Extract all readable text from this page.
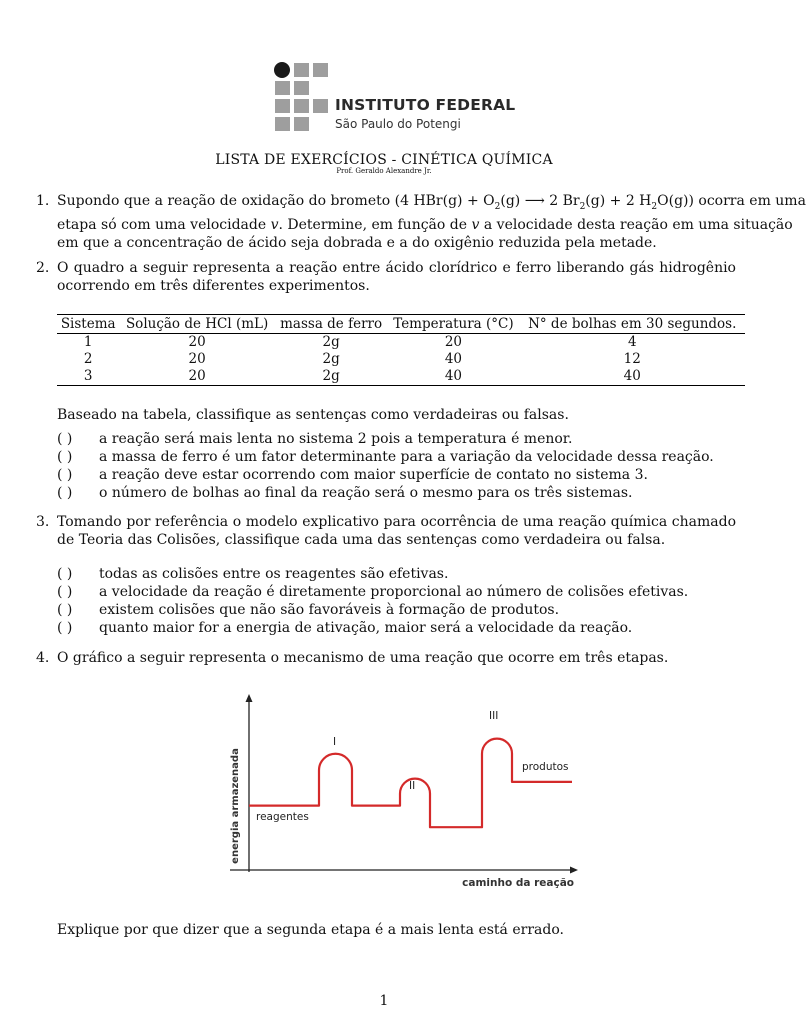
INSTITUTO FEDERAL
São Paulo do Potengi
LISTA DE EXERCÍCIOS - CINÉTICA QUÍMICA
Prof. Geraldo Alexandre Jr.
1. Supondo que a reação de oxidação do brometo (4 $HBr(g) + O_2(g)$ ⟶ 2 $Br_2(g) + 2$ $H_2O(g)$) ocorra em uma
etapa só com uma velocidade v. Determine, em função de v a velocidade desta reação em uma situação
em que a concentração de ácido seja dobrada e a do oxigênio reduzida pela metade.
2. O quadro a seguir representa a reação entre ácido clorídrico e ferro liberando gás hidrogênio ocorrendo em três diferentes experimentos.
Sistema	Solução de HCl (mL)	massa de ferro	Temperatura (°C)	N° de bolhas em 30 segundos.
1	20	2g	20	4
2	20	2g	40	12
3	20	2g	40	40
Baseado na tabela, classifique as sentenças como verdadeiras ou falsas.
( ) a reação será mais lenta no sistema 2 pois a temperatura é menor.
( ) a massa de ferro é um fator determinante para a variação da velocidade dessa reação.
( ) a reação deve estar ocorrendo com maior superfície de contato no sistema 3.
( ) o número de bolhas ao final da reação será o mesmo para os três sistemas.
3. Tomando por referência o modelo explicativo para ocorrência de uma reação química chamado de Teoria das Colisões, classifique cada uma das sentenças como verdadeira ou falsa.
( ) todas as colisões entre os reagentes são efetivas.
( ) a velocidade da reação é diretamente proporcional ao número de colisões efetivas.
( ) existem colisões que não são favoráveis à formação de produtos.
( ) quanto maior for a energia de ativação, maior será a velocidade da reação.
4. O gráfico a seguir representa o mecanismo de uma reação que ocorre em três etapas.
energia armazenada
caminho da reação
reagentes
produtos
I
II
III
Explique por que dizer que a segunda etapa é a mais lenta está errado.
1
